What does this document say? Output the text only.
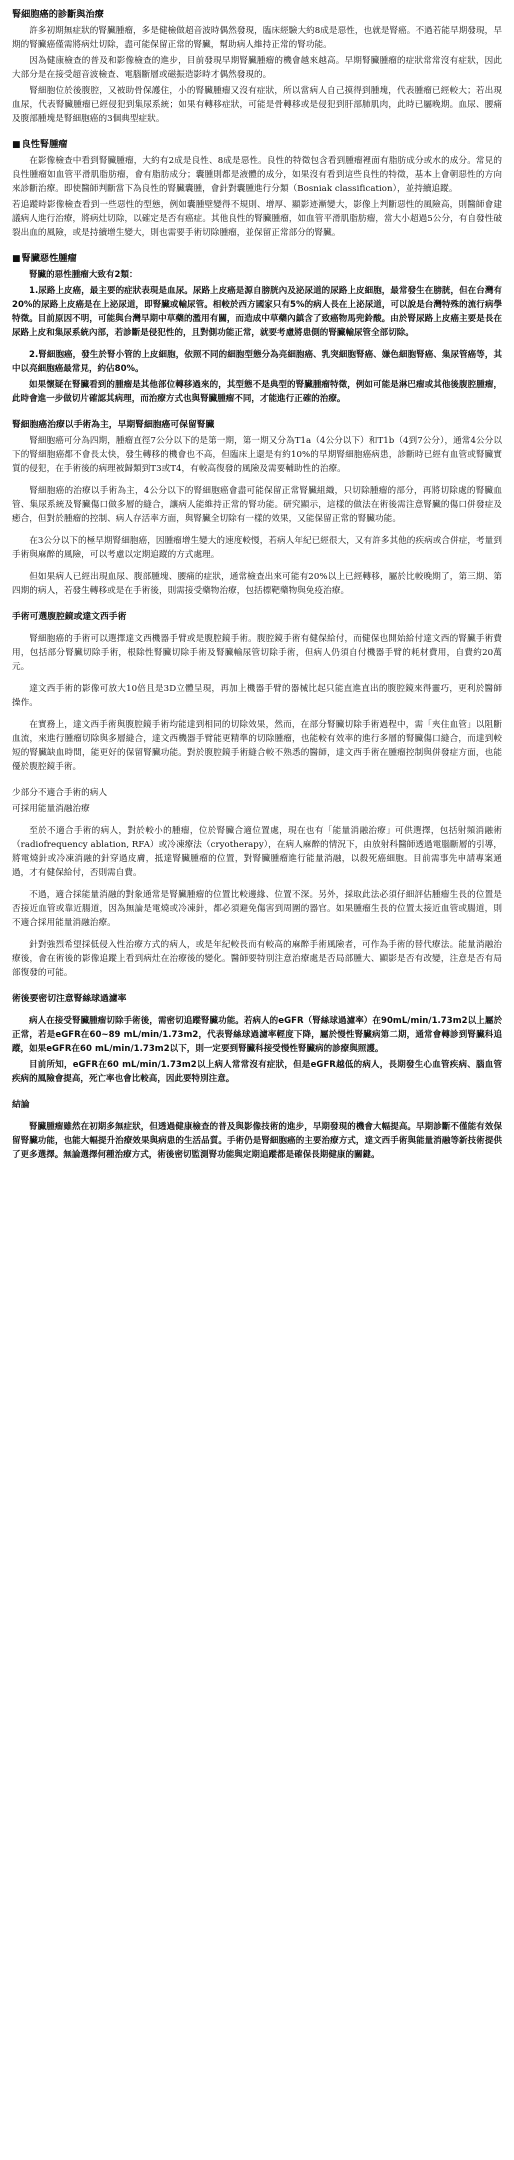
腎細胞癌的診斷與治療

許多初期無症狀的腎臟腫瘤，多是健檢做超音波時偶然發現，臨床經驗大約8成是惡性，也就是腎癌。不過若能早期發現，早期的腎臟癌僅需將病灶切除，盡可能保留正常的腎臟，幫助病人維持正常的腎功能。

因為健康檢查的普及和影像檢查的進步，目前發現早期腎臟腫瘤的機會越來越高。早期腎臟腫瘤的症狀常常沒有症狀，因此大部分是在接受超音波檢查、電腦斷層或磁振造影時才偶然發現的。

腎細胞位於後腹腔，又被助骨保護住，小的腎臟腫瘤又沒有症狀，所以當病人自己摸得到腫塊，代表腫瘤已經較大；若出現血尿，代表腎臟腫瘤已經侵犯到集尿系統；如果有轉移症狀，可能是骨轉移或是侵犯到肝部肺肌肉，此時已屬晚期。血尿、腰痛及腹部腫塊是腎細胞癌的3個典型症狀。

■ 良性腎腫瘤

在影像檢查中看到腎臟腫瘤，大約有2成是良性、8成是惡性。良性的特徵包含看到腫瘤裡面有脂肪成分或水的成分。常見的良性腫瘤如血管平滑肌脂肪瘤，會有脂肪成分；囊腫則都是液體的成分，如果沒有看到這些良性的特徵，基本上會朝惡性的方向來診斷治療。即使醫師判斷當下為良性的腎臟囊腫，會針對囊腫進行分類（Bosniak classification），並持續追蹤。

若追蹤時影像檢查看到一些惡性的型態，例如囊腫壁變得不規則、增厚、顯影迹漸變大，影像上判斷惡性的風險高，則醫師會建議病人進行治療，將病灶切除，以確定是否有癌症。其他良性的腎臟腫瘤，如血管平滑肌脂肪瘤，當大小超過5公分，有自發性破裂出血的風險，或是持續增生變大，則也需要手術切除腫瘤，並保留正常部分的腎臟。

■ 腎臟惡性腫瘤

腎臟的惡性腫瘤大致有2類：

1.尿路上皮癌，最主要的症狀表現是血尿。尿路上皮癌是源自膀胱內及泌尿道的尿路上皮細胞，最常發生在膀胱，但在台灣有20%的尿路上皮癌是在上泌尿道，即腎臟或輸尿管。相較於西方國家只有5%的病人長在上泌尿道，可以說是台灣特殊的流行病學特徵。目前原因不明，可能與台灣早期中草藥的濫用有關，而造成中草藥內鎮含了致癌物馬兜鈴酸。由於腎尿路上皮癌主要是長在尿路上皮和集尿系統內部，若診斷是侵犯性的，且對側功能正常，就要考慮將患側的腎臟輸尿管全部切除。

2.腎細胞癌，發生於腎小管的上皮細胞，依照不同的細胞型態分為亮細胞癌、乳突細胞腎癌、嫌色細胞腎癌、集尿管癌等，其中以亮細胞癌最常見，約佔80%。

如果懷疑在腎臟看到的腫瘤是其他部位轉移過來的，其型態不是典型的腎臟腫瘤特徵，例如可能是淋巴瘤或其他後腹腔腫瘤，此時會進一步做切片確認其病理，而治療方式也與腎臟腫瘤不同，才能進行正確的治療。

腎細胞癌治療以手術為主，早期腎細胞癌可保留腎臟

腎細胞癌可分為四期，腫瘤直徑7公分以下的是第一期，第一期又分為T1a（4公分以下）和T1b（4到7公分），通常4公分以下的腎細胞癌都不會長太快，發生轉移的機會也不高，但臨床上還是有約10%的早期腎細胞癌病患，診斷時已經有血管或腎臟實質的侵犯，在手術後的病理被歸類到T3或T4，有較高復發的風險及需要輔助性的治療。

腎細胞癌的治療以手術為主，4公分以下的腎細胞癌會盡可能保留正常腎臟組織，只切除腫瘤的部分，再將切除處的腎臟血管、集尿系統及腎臟傷口做多層的縫合，讓病人能維持正常的腎功能。研究顯示，這樣的做法在術後需注意腎臟的傷口併發症及癒合，但對於腫瘤的控制、病人存活率方面，與腎臟全切除有一樣的效果，又能保留正常的腎臟功能。

在3公分以下的極早期腎細胞癌，因腫瘤增生變大的速度較慢，若病人年紀已經很大，又有許多其他的疾病或合併症，考量到手術與麻醉的風險，可以考慮以定期追蹤的方式處理。

但如果病人已經出現血尿、腹部腫塊、腰痛的症狀，通常檢查出來可能有20%以上已經轉移，屬於比較晚期了，第三期、第四期的病人，若發生轉移或是在手術後，則需接受藥物治療，包括標靶藥物與免疫治療。

手術可選腹腔鏡或達文西手術

腎細胞癌的手術可以選擇達文西機器手臂或是腹腔鏡手術。腹腔鏡手術有健保給付，而健保也開始給付達文西的腎臟手術費用，包括部分腎臟切除手術，根除性腎臟切除手術及腎臟輸尿管切除手術，但病人仍須自付機器手臂的耗材費用，自費約20萬元。

達文西手術的影像可放大10倍且是3D立體呈現，再加上機器手臂的器械比起只能直進直出的腹腔鏡來得靈巧，更利於醫師操作。

在實務上，達文西手術與腹腔鏡手術均能達到相同的切除效果，然而，在部分腎臟切除手術過程中，需「夾住血管」以阻斷血流，來進行腫瘤切除與多層縫合，達文西機器手臂能更精準的切除腫瘤，也能較有效率的進行多層的腎臟傷口縫合，而達到較短的腎臟缺血時間，能更好的保留腎臟功能。對於腹腔鏡手術縫合較不熟悉的醫師，達文西手術在腫瘤控制與併發症方面，也能優於腹腔鏡手術。

少部分不適合手術的病人

可採用能量消融治療

至於不適合手術的病人，對於較小的腫瘤，位於腎臟合適位置處，現在也有「能量消融治療」可供選擇，包括射頻消融術（radiofrequency ablation, RFA）或冷凍療法（cryotherapy），在病人麻醉的情況下，由放射科醫師透過電腦斷層的引導，將電燒針或冷凍消融的針穿過皮膚，抵達腎臟腫瘤的位置，對腎臟腫瘤進行能量消融，以殺死癌細胞。目前需事先申請專案通過，才有健保給付，否則需自費。

不過，適合採能量消融的對象通常是腎臟腫瘤的位置比較邊緣、位置不深。另外，採取此法必須仔細評估腫瘤生長的位置是否接近血管或靠近腸道，因為無論是電燒或冷凍針，都必須避免傷害到周圍的器官。如果腫瘤生長的位置太接近血管或腸道，則不適合採用能量消融治療。

針對強烈希望採低侵入性治療方式的病人，或是年紀較長而有較高的麻醉手術風險者，可作為手術的替代療法。能量消融治療後，會在術後的影像追蹤上看到病灶在治療後的變化。醫師要特別注意治療處是否局部腫大、顯影是否有改變，注意是否有局部復發的可能。

術後要密切注意腎絲球過濾率

病人在接受腎臟腫瘤切除手術後，需密切追蹤腎臟功能。若病人的eGFR（腎絲球過濾率）在90mL/min/1.73m2以上屬於正常，若是eGFR在60~89 mL/min/1.73m2，代表腎絲球過濾率輕度下降，屬於慢性腎臟病第二期，通常會轉診到腎臟科追蹤，如果eGFR在60 mL/min/1.73m2以下，則一定要到腎臟科接受慢性腎臟病的診療與照護。

目前所知，eGFR在60 mL/min/1.73m2以上病人常常沒有症狀，但是eGFR越低的病人，長期發生心血管疾病、腦血管疾病的風險會提高，死亡率也會比較高，因此要特別注意。

結論

腎臟腫瘤雖然在初期多無症狀，但透過健康檢查的普及與影像技術的進步，早期發現的機會大幅提高。早期診斷不僅能有效保留腎臟功能，也能大幅提升治療效果與病患的生活品質。手術仍是腎細胞癌的主要治療方式，達文西手術與能量消融等新技術提供了更多選擇。無論選擇何種治療方式，術後密切監測腎功能與定期追蹤都是確保長期健康的關鍵。
